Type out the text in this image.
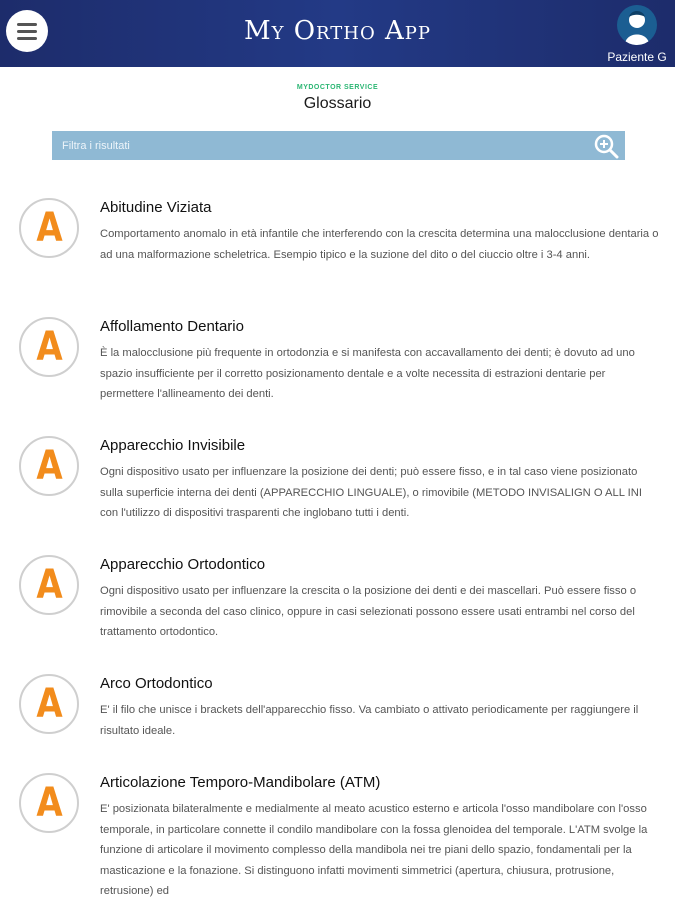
My Ortho App
Paziente G
MYDOCTOR SERVICE
Glossario
Filtra i risultati
A	Abitudine Viziata
Comportamento anomalo in età infantile che interferendo con la crescita determina una malocclusione dentaria o ad una malformazione scheletrica. Esempio tipico e la suzione del dito o del ciuccio oltre i 3-4 anni.
A	Affollamento Dentario
È la malocclusione più frequente in ortodonzia e si manifesta con accavallamento dei denti; è dovuto ad uno spazio insufficiente per il corretto posizionamento dentale e a volte necessita di estrazioni dentarie per permettere l'allineamento dei denti.
A	Apparecchio Invisibile
Ogni dispositivo usato per influenzare la posizione dei denti; può essere fisso, e in tal caso viene posizionato sulla superficie interna dei denti (APPARECCHIO LINGUALE), o rimovibile (METODO INVISALIGN O ALL INI con l'utilizzo di dispositivi trasparenti che inglobano tutti i denti.
A	Apparecchio Ortodontico
Ogni dispositivo usato per influenzare la crescita o la posizione dei denti e dei mascellari. Può essere fisso o rimovibile a seconda del caso clinico, oppure in casi selezionati possono essere usati entrambi nel corso del trattamento ortodontico.
A	Arco Ortodontico
E' il filo che unisce i brackets dell'apparecchio fisso. Va cambiato o attivato periodicamente per raggiungere il risultato ideale.
A	Articolazione Temporo-Mandibolare (ATM)
E' posizionata bilateralmente e medialmente al meato acustico esterno e articola l'osso mandibolare con l'osso temporale, in particolare connette il condilo mandibolare con la fossa glenoidea del temporale. L'ATM svolge la funzione di articolare il movimento complesso della mandibola nei tre piani dello spazio, fondamentali per la masticazione e la fonazione. Si distinguono infatti movimenti simmetrici (apertura, chiusura, protrusione, retrusione) ed
